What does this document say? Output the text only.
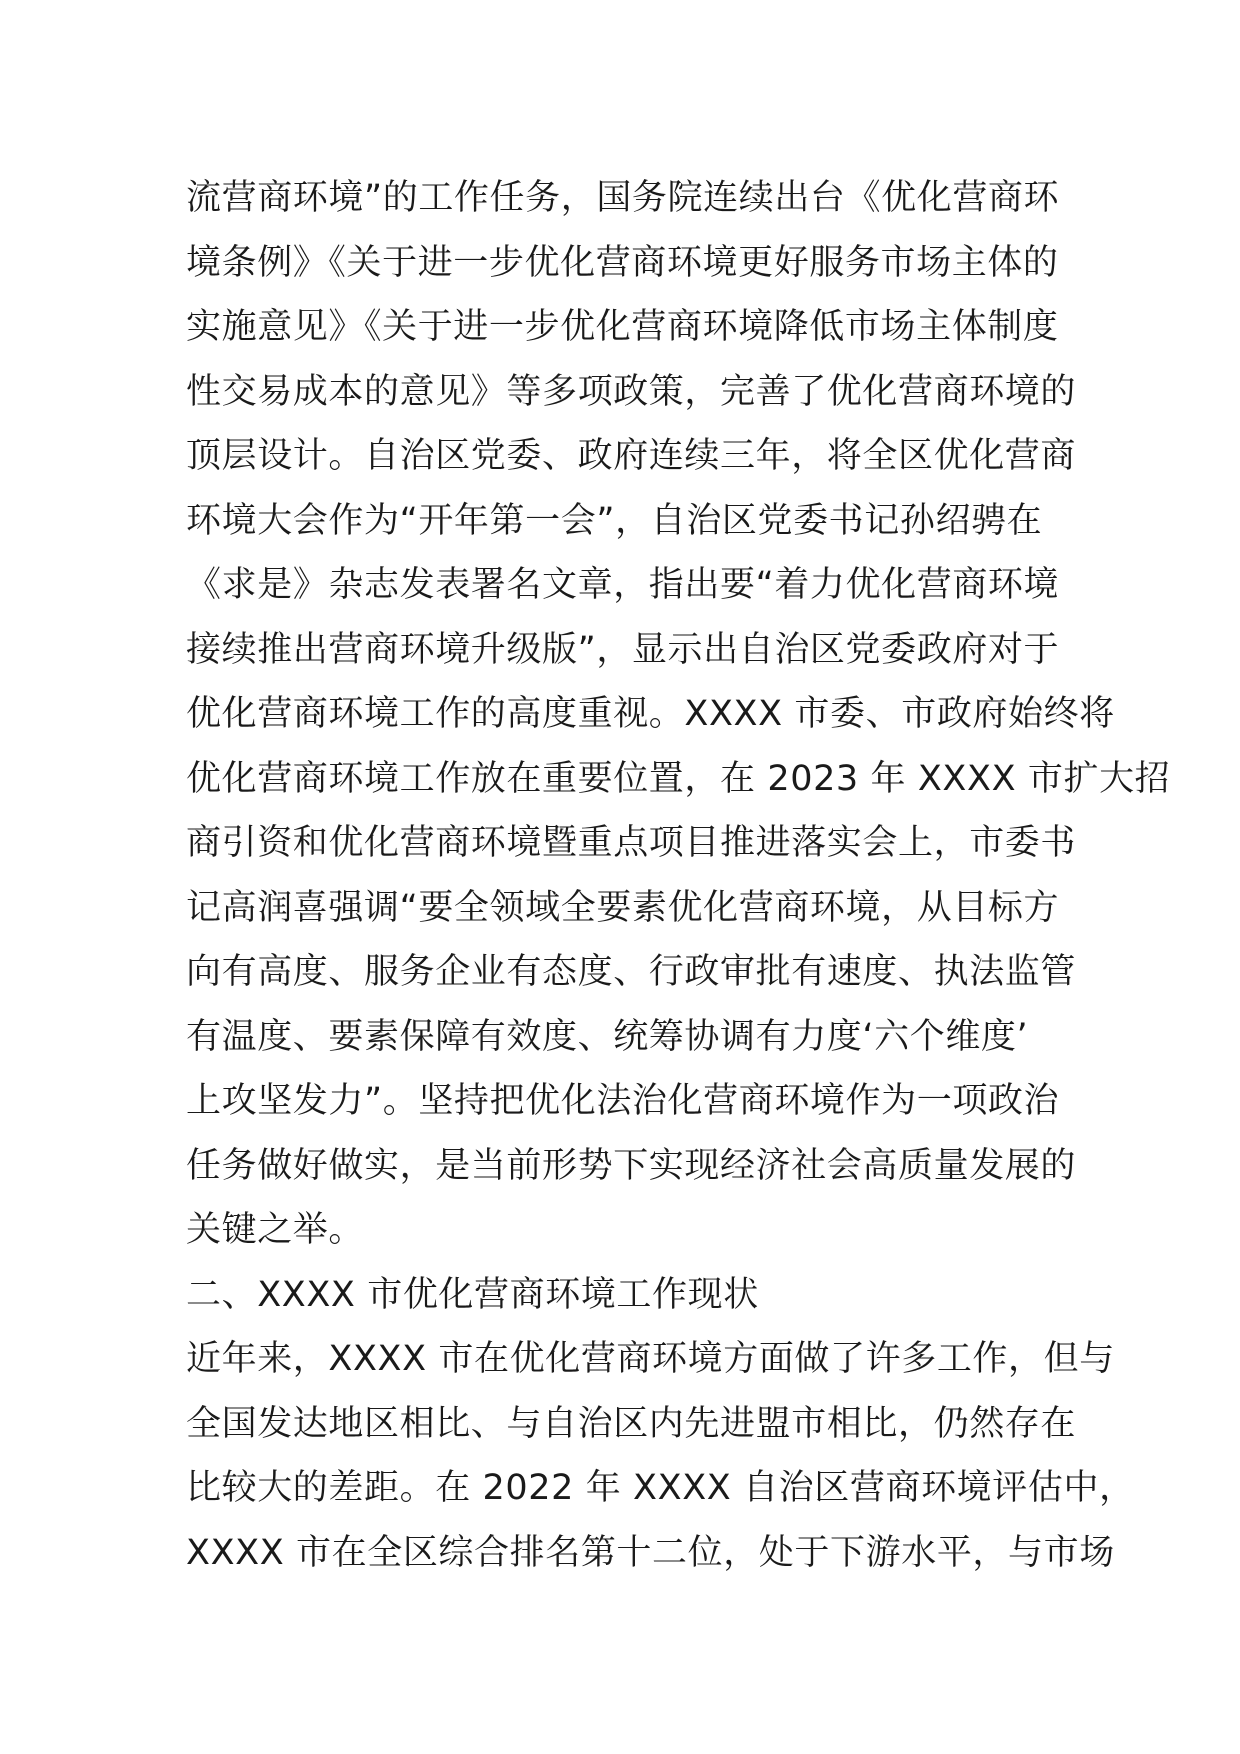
流营商环境”的工作任务，国务院连续出台《优化营商环
境条例》《关于进一步优化营商环境更好服务市场主体的
实施意见》《关于进一步优化营商环境降低市场主体制度
性交易成本的意见》等多项政策，完善了优化营商环境的
顶层设计。自治区党委、政府连续三年，将全区优化营商
环境大会作为“开年第一会”，自治区党委书记孙绍骋在
《求是》杂志发表署名文章，指出要“着力优化营商环境
接续推出营商环境升级版”，显示出自治区党委政府对于
优化营商环境工作的高度重视。XXXX 市委、市政府始终将
优化营商环境工作放在重要位置，在 2023 年 XXXX 市扩大招
商引资和优化营商环境暨重点项目推进落实会上，市委书
记高润喜强调“要全领域全要素优化营商环境，从目标方
向有高度、服务企业有态度、行政审批有速度、执法监管
有温度、要素保障有效度、统筹协调有力度‘六个维度’
上攻坚发力”。坚持把优化法治化营商环境作为一项政治
任务做好做实，是当前形势下实现经济社会高质量发展的
关键之举。
二、XXXX 市优化营商环境工作现状
近年来，XXXX 市在优化营商环境方面做了许多工作，但与
全国发达地区相比、与自治区内先进盟市相比，仍然存在
比较大的差距。在 2022 年 XXXX 自治区营商环境评估中，
XXXX 市在全区综合排名第十二位，处于下游水平，与市场
